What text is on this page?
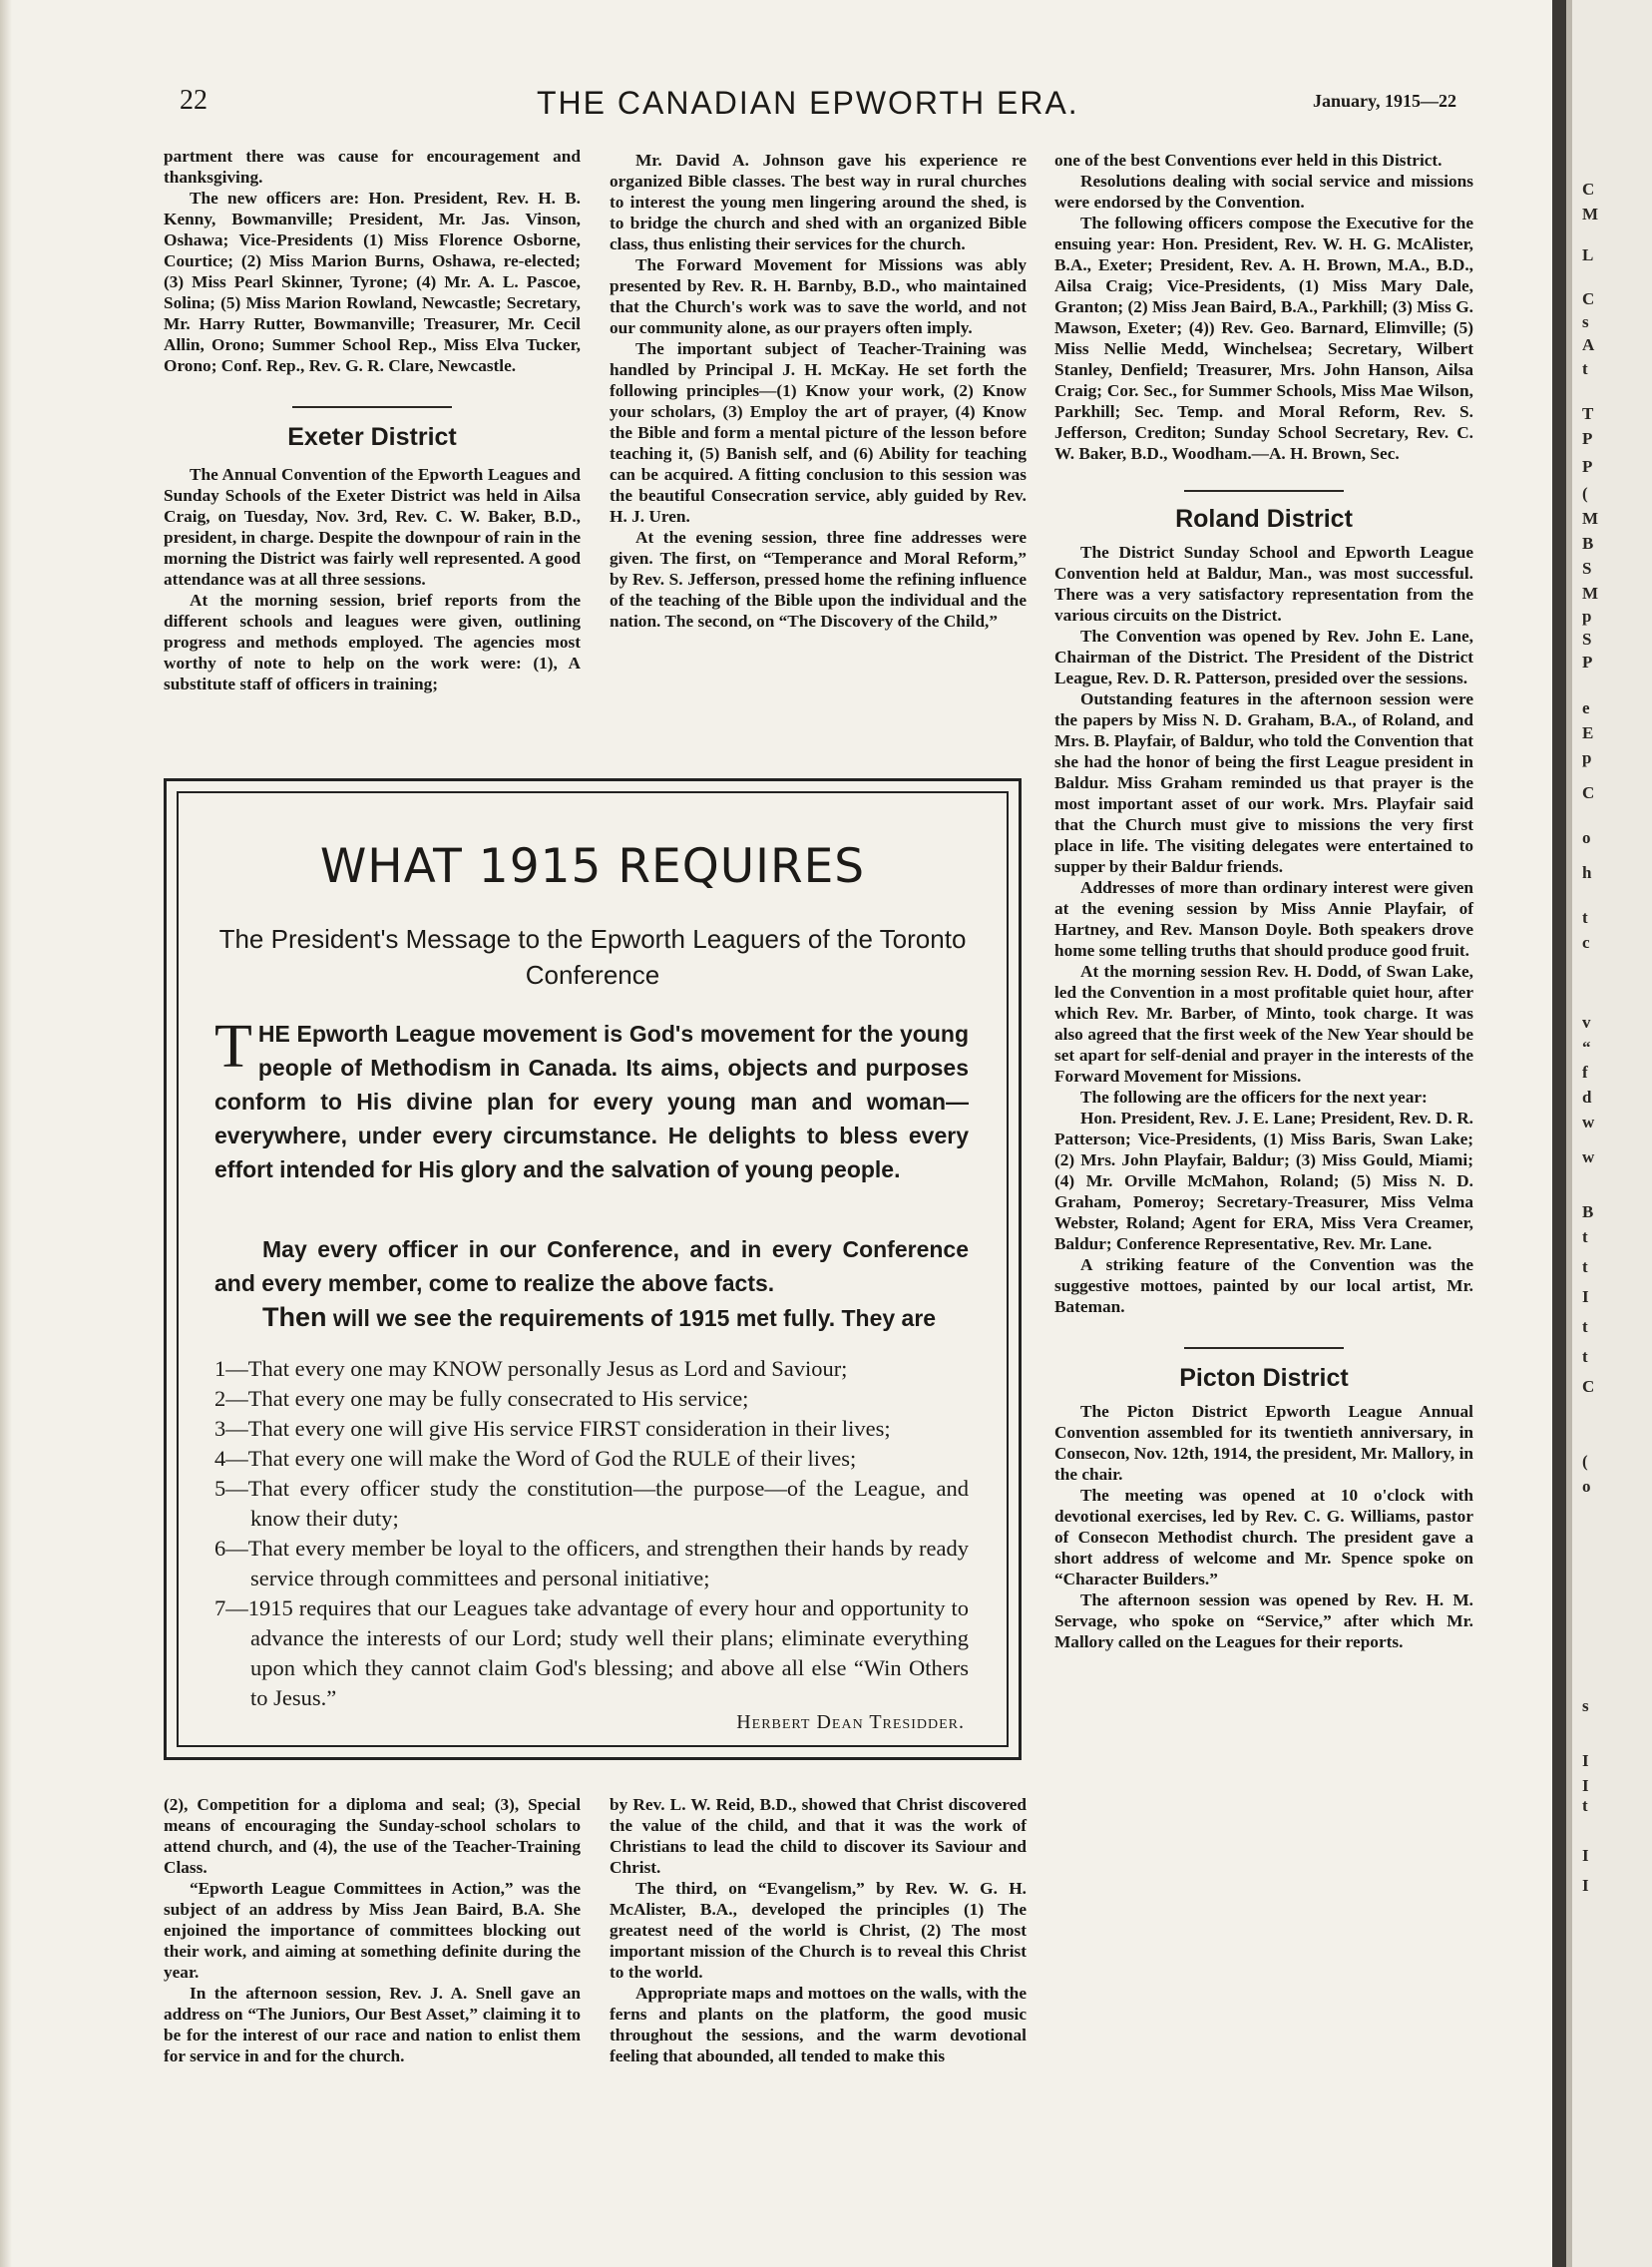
C
M
L
C
s
A
t
T
P
P
(
M
B
S
M
p
S
P
e
E
p
C
o
h
t
c
v
“
f
d
w
w
B
t
t
I
t
t
C
(
o
s
I
I
t
I
I
22	THE CANADIAN EPWORTH ERA.	January, 1915—22

partment there was cause for encouragement and thanksgiving.

The new officers are: Hon. President, Rev. H. B. Kenny, Bowmanville; President, Mr. Jas. Vinson, Oshawa; Vice-Presidents (1) Miss Florence Osborne, Courtice; (2) Miss Marion Burns, Oshawa, re-elected; (3) Miss Pearl Skinner, Tyrone; (4) Mr. A. L. Pascoe, Solina; (5) Miss Marion Rowland, Newcastle; Secretary, Mr. Harry Rutter, Bowmanville; Treasurer, Mr. Cecil Allin, Orono; Summer School Rep., Miss Elva Tucker, Orono; Conf. Rep., Rev. G. R. Clare, Newcastle.

Exeter District

The Annual Convention of the Epworth Leagues and Sunday Schools of the Exeter District was held in Ailsa Craig, on Tuesday, Nov. 3rd, Rev. C. W. Baker, B.D., president, in charge. Despite the downpour of rain in the morning the District was fairly well represented. A good attendance was at all three sessions.

At the morning session, brief reports from the different schools and leagues were given, outlining progress and methods employed. The agencies most worthy of note to help on the work were: (1), A substitute staff of officers in training;

Mr. David A. Johnson gave his experience re organized Bible classes. The best way in rural churches to interest the young men lingering around the shed, is to bridge the church and shed with an organized Bible class, thus enlisting their services for the church.

The Forward Movement for Missions was ably presented by Rev. R. H. Barnby, B.D., who maintained that the Church's work was to save the world, and not our community alone, as our prayers often imply.

The important subject of Teacher-Training was handled by Principal J. H. McKay. He set forth the following principles—(1) Know your work, (2) Know your scholars, (3) Employ the art of prayer, (4) Know the Bible and form a mental picture of the lesson before teaching it, (5) Banish self, and (6) Ability for teaching can be acquired. A fitting conclusion to this session was the beautiful Consecration service, ably guided by Rev. H. J. Uren.

At the evening session, three fine addresses were given. The first, on “Temperance and Moral Reform,” by Rev. S. Jefferson, pressed home the refining influence of the teaching of the Bible upon the individual and the nation. The second, on “The Discovery of the Child,”

one of the best Conventions ever held in this District.

Resolutions dealing with social service and missions were endorsed by the Convention.

The following officers compose the Executive for the ensuing year: Hon. President, Rev. W. H. G. McAlister, B.A., Exeter; President, Rev. A. H. Brown, M.A., B.D., Ailsa Craig; Vice-Presidents, (1) Miss Mary Dale, Granton; (2) Miss Jean Baird, B.A., Parkhill; (3) Miss G. Mawson, Exeter; (4)) Rev. Geo. Barnard, Elimville; (5) Miss Nellie Medd, Winchelsea; Secretary, Wilbert Stanley, Denfield; Treasurer, Mrs. John Hanson, Ailsa Craig; Cor. Sec., for Summer Schools, Miss Mae Wilson, Parkhill; Sec. Temp. and Moral Reform, Rev. S. Jefferson, Crediton; Sunday School Secretary, Rev. C. W. Baker, B.D., Woodham.—A. H. Brown, Sec.

Roland District

The District Sunday School and Epworth League Convention held at Baldur, Man., was most successful. There was a very satisfactory representation from the various circuits on the District.

The Convention was opened by Rev. John E. Lane, Chairman of the District. The President of the District League, Rev. D. R. Patterson, presided over the sessions.

Outstanding features in the afternoon session were the papers by Miss N. D. Graham, B.A., of Roland, and Mrs. B. Playfair, of Baldur, who told the Convention that she had the honor of being the first League president in Baldur. Miss Graham reminded us that prayer is the most important asset of our work. Mrs. Playfair said that the Church must give to missions the very first place in life. The visiting delegates were entertained to supper by their Baldur friends.

Addresses of more than ordinary interest were given at the evening session by Miss Annie Playfair, of Hartney, and Rev. Manson Doyle. Both speakers drove home some telling truths that should produce good fruit.

At the morning session Rev. H. Dodd, of Swan Lake, led the Convention in a most profitable quiet hour, after which Rev. Mr. Barber, of Minto, took charge. It was also agreed that the first week of the New Year should be set apart for self-denial and prayer in the interests of the Forward Movement for Missions.

The following are the officers for the next year:

Hon. President, Rev. J. E. Lane; President, Rev. D. R. Patterson; Vice-Presidents, (1) Miss Baris, Swan Lake; (2) Mrs. John Playfair, Baldur; (3) Miss Gould, Miami; (4) Mr. Orville McMahon, Roland; (5) Miss N. D. Graham, Pomeroy; Secretary-Treasurer, Miss Velma Webster, Roland; Agent for ERA, Miss Vera Creamer, Baldur; Conference Representative, Rev. Mr. Lane.

A striking feature of the Convention was the suggestive mottoes, painted by our local artist, Mr. Bateman.

Picton District

The Picton District Epworth League Annual Convention assembled for its twentieth anniversary, in Consecon, Nov. 12th, 1914, the president, Mr. Mallory, in the chair.

The meeting was opened at 10 o'clock with devotional exercises, led by Rev. C. G. Williams, pastor of Consecon Methodist church. The president gave a short address of welcome and Mr. Spence spoke on “Character Builders.”

The afternoon session was opened by Rev. H. M. Servage, who spoke on “Service,” after which Mr. Mallory called on the Leagues for their reports.

WHAT 1915 REQUIRES
The President's Message to the Epworth Leaguers of the Toronto Conference
THE Epworth League movement is God's movement for the young people of Methodism in Canada. Its aims, objects and purposes conform to His divine plan for every young man and woman—everywhere, under every circumstance. He delights to bless every effort intended for His glory and the salvation of young people.
May every officer in our Conference, and in every Conference and every member, come to realize the above facts.
Then will we see the requirements of 1915 met fully. They are
1—That every one may KNOW personally Jesus as Lord and Saviour;
2—That every one may be fully consecrated to His service;
3—That every one will give His service FIRST consideration in their lives;
4—That every one will make the Word of God the RULE of their lives;
5—That every officer study the constitution—the purpose—of the League, and know their duty;
6—That every member be loyal to the officers, and strengthen their hands by ready service through committees and personal initiative;
7—1915 requires that our Leagues take advantage of every hour and opportunity to advance the interests of our Lord; study well their plans; eliminate everything upon which they cannot claim God's blessing; and above all else “Win Others to Jesus.”
Herbert Dean Tresidder.

(2), Competition for a diploma and seal; (3), Special means of encouraging the Sunday-school scholars to attend church, and (4), the use of the Teacher-Training Class.

“Epworth League Committees in Action,” was the subject of an address by Miss Jean Baird, B.A. She enjoined the importance of committees blocking out their work, and aiming at something definite during the year.

In the afternoon session, Rev. J. A. Snell gave an address on “The Juniors, Our Best Asset,” claiming it to be for the interest of our race and nation to enlist them for service in and for the church.

by Rev. L. W. Reid, B.D., showed that Christ discovered the value of the child, and that it was the work of Christians to lead the child to discover its Saviour and Christ.

The third, on “Evangelism,” by Rev. W. G. H. McAlister, B.A., developed the principles (1) The greatest need of the world is Christ, (2) The most important mission of the Church is to reveal this Christ to the world.

Appropriate maps and mottoes on the walls, with the ferns and plants on the platform, the good music throughout the sessions, and the warm devotional feeling that abounded, all tended to make this
